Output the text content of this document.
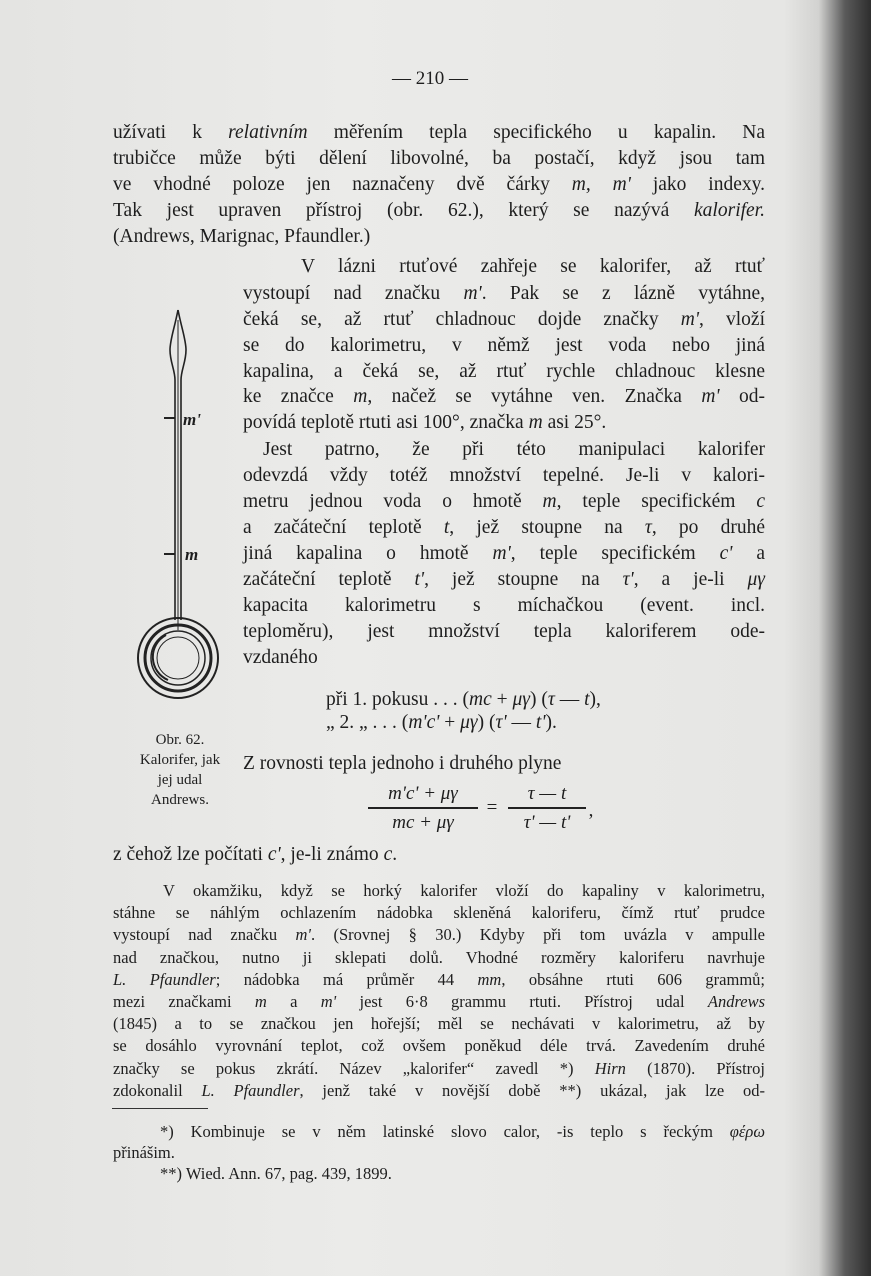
— 210 —
užívati k relativním měřením tepla specifického u kapalin. Na
trubičce může býti dělení libovolné, ba postačí, když jsou tam
ve vhodné poloze jen naznačeny dvě čárky m, m' jako indexy.
Tak jest upraven přístroj (obr. 62.), který se nazývá kalorifer.
(Andrews, Marignac, Pfaundler.)
V lázni rtuťové zahřeje se kalorifer, až rtuť
vystoupí nad značku m'. Pak se z lázně vytáhne,
čeká se, až rtuť chladnouc dojde značky m', vloží
se do kalorimetru, v němž jest voda nebo jiná
kapalina, a čeká se, až rtuť rychle chladnouc klesne
ke značce m, načež se vytáhne ven. Značka m' od-
povídá teplotě rtuti asi 100°, značka m asi 25°.
Jest patrno, že při této manipulaci kalorifer
odevzdá vždy totéž množství tepelné. Je-li v kalori-
metru jednou voda o hmotě m, teple specifickém c
a začáteční teplotě t, jež stoupne na τ, po druhé
jiná kapalina o hmotě m', teple specifickém c' a
začáteční teplotě t', jež stoupne na τ', a je-li μγ
kapacita kalorimetru s míchačkou (event. incl.
teploměru), jest množství tepla kaloriferem ode-
vzdaného
při 1. pokusu . . . (mc + μγ) (τ — t),
„ 2. „ . . . (m'c' + μγ) (τ' — t').
Z rovnosti tepla jednoho i druhého plyne
m'c' + μγ
mc + μγ
=
τ — t
τ' — t'
,
z čehož lze počítati c', je-li známo c.
V okamžiku, když se horký kalorifer vloží do kapaliny v kalorimetru,
stáhne se náhlým ochlazením nádobka skleněná kaloriferu, čímž rtuť prudce
vystoupí nad značku m'. (Srovnej § 30.) Kdyby při tom uvázla v ampulle
nad značkou, nutno ji sklepati dolů. Vhodné rozměry kaloriferu navrhuje
L. Pfaundler; nádobka má průměr 44 mm, obsáhne rtuti 606 grammů;
mezi značkami m a m' jest 6·8 grammu rtuti. Přístroj udal Andrews
(1845) a to se značkou jen hořejší; měl se nechávati v kalorimetru, až by
se dosáhlo vyrovnání teplot, což ovšem poněkud déle trvá. Zavedením druhé
značky se pokus zkrátí. Název „kalorifer“ zavedl *) Hirn (1870). Přístroj
zdokonalil L. Pfaundler, jenž také v novější době **) ukázal, jak lze od-
*) Kombinuje se v něm latinské slovo calor, -is teplo s řeckým φέρω
přinášim.
**) Wied. Ann. 67, pag. 439, 1899.
m'
m
Obr. 62.
Kalorifer, jak
jej udal
Andrews.
